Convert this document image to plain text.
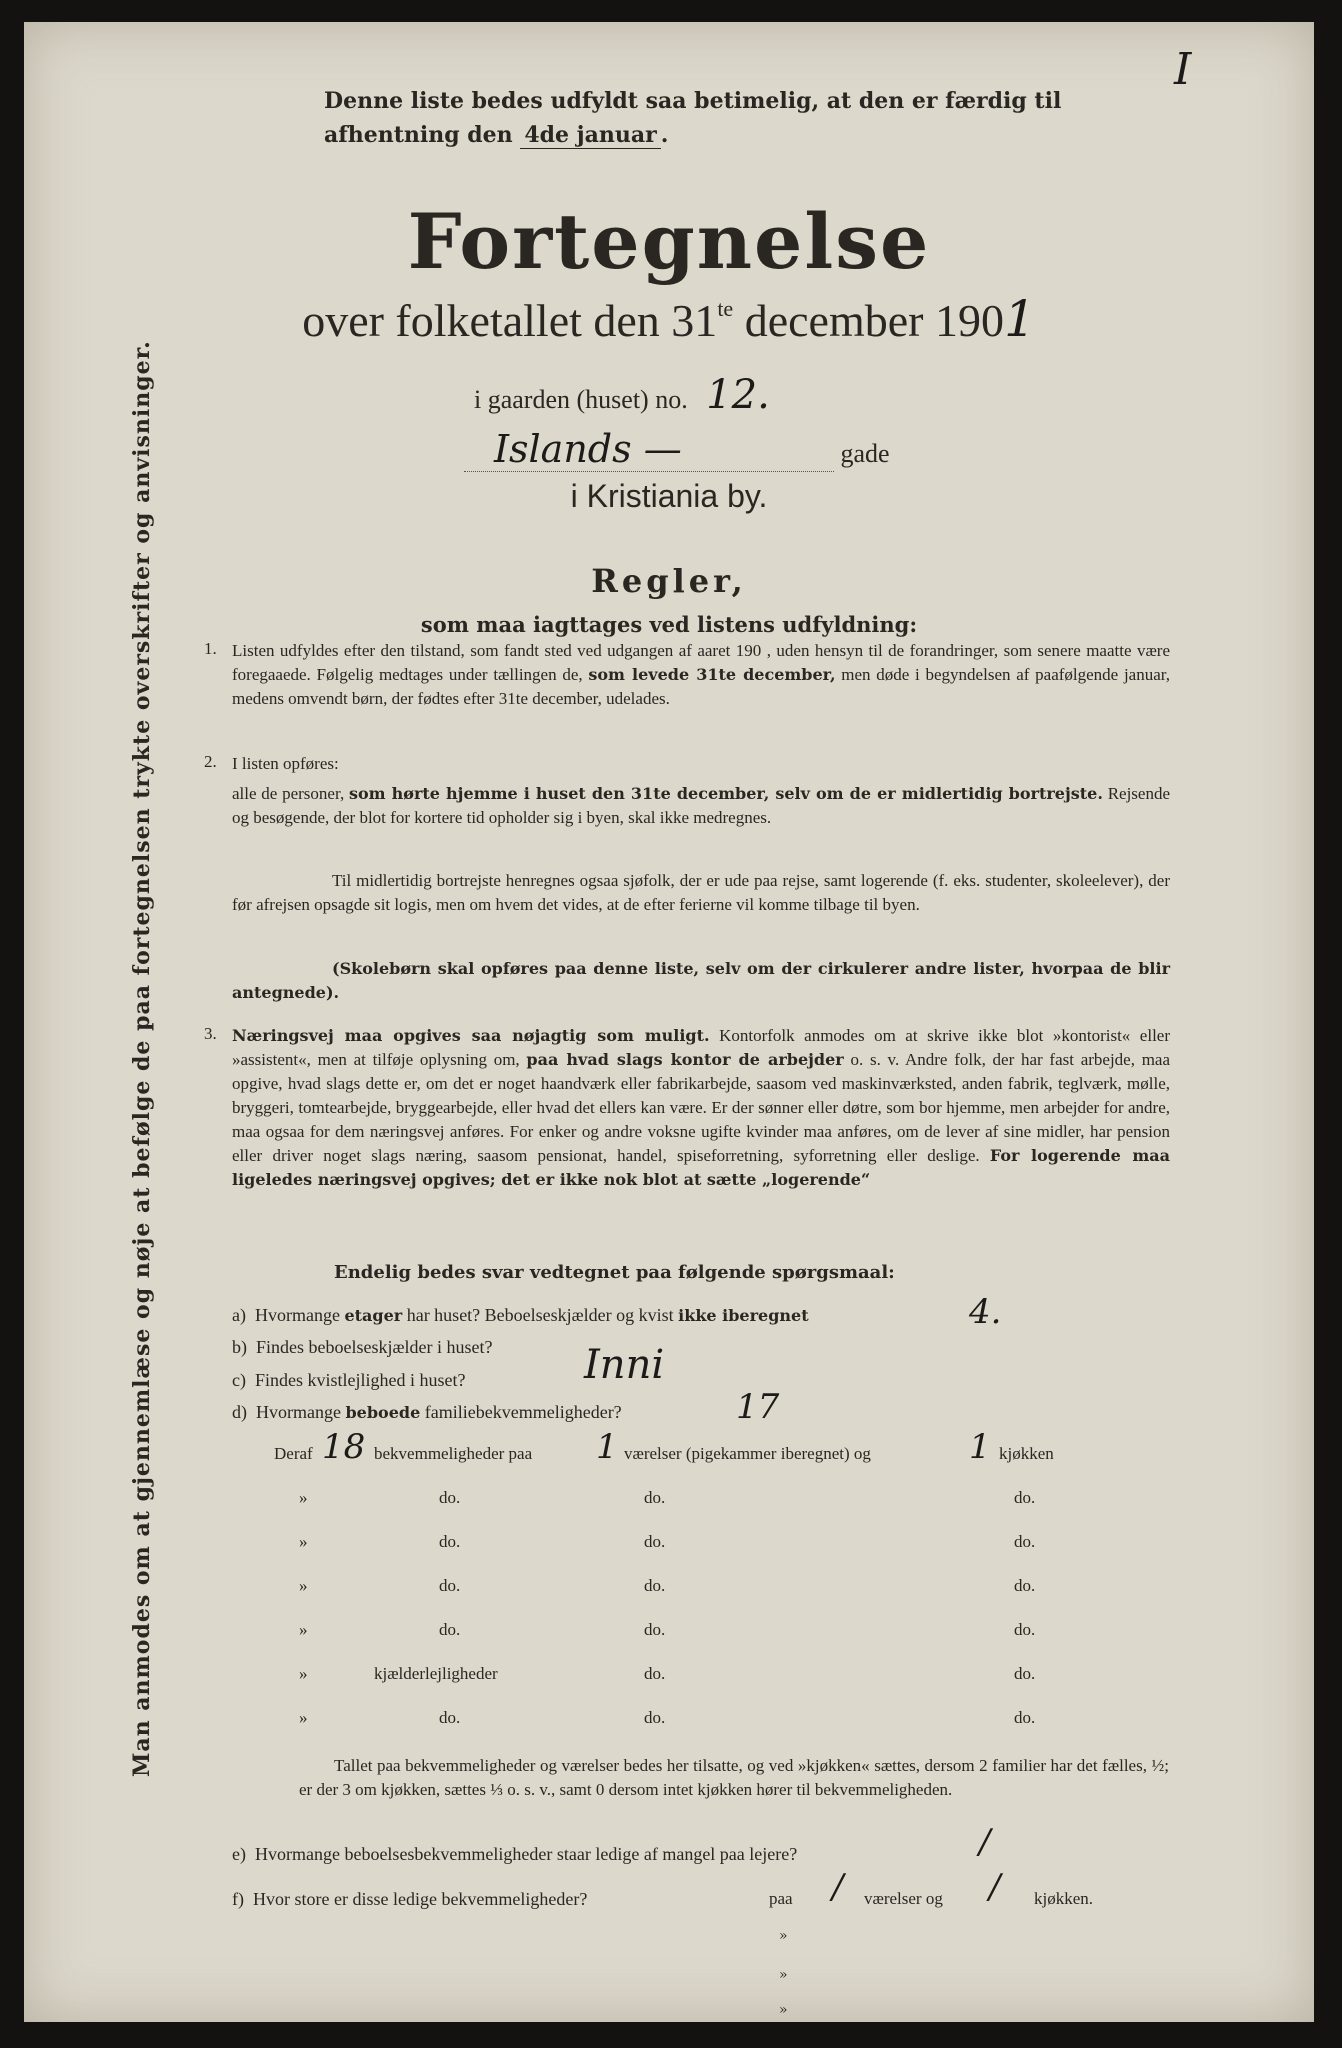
I
Man anmodes om at gjennemlæse og nøje at befølge de paa fortegnelsen trykte overskrifter og anvisninger.
Denne liste bedes udfyldt saa betimelig, at den er færdig til afhentning den 4de januar .
Fortegnelse
over folketallet den $31^{te}$ december 1901
i gaarden (huset) no. 12.
Islands —	gade
i Kristiania by.
Regler,
som maa iagttages ved listens udfyldning:
1. Listen udfyldes efter den tilstand, som fandt sted ved udgangen af aaret 190 , uden hensyn til de forandringer, som senere maatte være foregaaede. Følgelig medtages under tællingen de, som levede 31te december, men døde i begyndelsen af paafølgende januar, medens omvendt børn, der fødtes efter 31te december, udelades.
2. I listen opføres:
alle de personer, som hørte hjemme i huset den 31te december, selv om de er midlertidig bortrejste. Rejsende og besøgende, der blot for kortere tid opholder sig i byen, skal ikke medregnes.
Til midlertidig bortrejste henregnes ogsaa sjøfolk, der er ude paa rejse, samt logerende (f. eks. studenter, skoleelever), der før afrejsen opsagde sit logis, men om hvem det vides, at de efter ferierne vil komme tilbage til byen.
(Skolebørn skal opføres paa denne liste, selv om der cirkulerer andre lister, hvorpaa de blir antegnede).
3. Næringsvej maa opgives saa nøjagtig som muligt. Kontorfolk anmodes om at skrive ikke blot »kontorist« eller »assistent«, men at tilføje oplysning om, paa hvad slags kontor de arbejder o. s. v. Andre folk, der har fast arbejde, maa opgive, hvad slags dette er, om det er noget haandværk eller fabrikarbejde, saasom ved maskinværksted, anden fabrik, teglværk, mølle, bryggeri, tomtearbejde, bryggearbejde, eller hvad det ellers kan være. Er der sønner eller døtre, som bor hjemme, men arbejder for andre, maa ogsaa for dem næringsvej anføres. For enker og andre voksne ugifte kvinder maa anføres, om de lever af sine midler, har pension eller driver noget slags næring, saasom pensionat, handel, spiseforretning, syforretning eller deslige. For logerende maa ligeledes næringsvej opgives; det er ikke nok blot at sætte „logerende“
Endelig bedes svar vedtegnet paa følgende spørgsmaal:
a) Hvormange etager har huset? Beboelseskjælder og kvist ikke iberegnet	4.
b) Findes beboelseskjælder i huset?
c) Findes kvistlejlighed i huset?	Inni
d) Hvormange beboede familiebekvemmeligheder?	17
Deraf 18 bekvemmeligheder paa 1 værelser (pigekammer iberegnet) og	1 kjøkken
»	do.	do.	do.
»	do.	do.	do.
»	do.	do.	do.
»	do.	do.	do.
»	kjælderlejligheder	do.	do.
»	do.	do.	do.
Tallet paa bekvemmeligheder og værelser bedes her tilsatte, og ved »kjøkken« sættes, dersom 2 familier har det fælles, ½; er der 3 om kjøkken, sættes ⅓ o. s. v., samt 0 dersom intet kjøkken hører til bekvemmeligheden.
e) Hvormange beboelsesbekvemmeligheder staar ledige af mangel paa lejere?	/
f) Hvor store er disse ledige bekvemmeligheder?	paa / værelser og / kjøkken.
»
»
»
